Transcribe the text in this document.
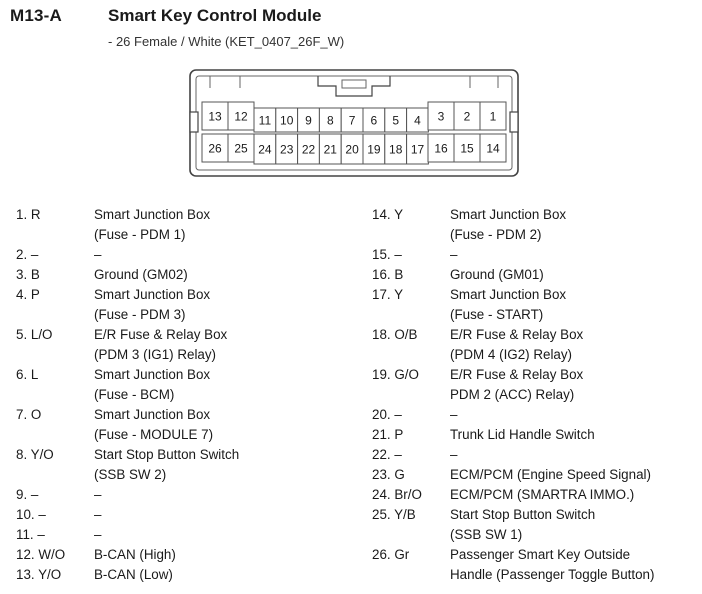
M13-A	Smart Key Control Module
- 26 Female / White (KET_0407_26F_W)
13 12 11 10 9 8 7 6 5 4 3 2 1
26 25 24 23 22 21 20 19 18 17 16 15 14
1. R	Smart Junction Box
(Fuse - PDM 1)
2. –	–
3. B	Ground (GM02)
4. P	Smart Junction Box
(Fuse - PDM 3)
5. L/O	E/R Fuse & Relay Box
(PDM 3 (IG1) Relay)
6. L	Smart Junction Box
(Fuse - BCM)
7. O	Smart Junction Box
(Fuse - MODULE 7)
8. Y/O	Start Stop Button Switch
(SSB SW 2)
9. –	–
10. –	–
11. –	–
12. W/O	B-CAN (High)
13. Y/O	B-CAN (Low)
14. Y	Smart Junction Box
(Fuse - PDM 2)
15. –	–
16. B	Ground (GM01)
17. Y	Smart Junction Box
(Fuse - START)
18. O/B	E/R Fuse & Relay Box
(PDM 4 (IG2) Relay)
19. G/O	E/R Fuse & Relay Box
PDM 2 (ACC) Relay)
20. –	–
21. P	Trunk Lid Handle Switch
22. –	–
23. G	ECM/PCM (Engine Speed Signal)
24. Br/O	ECM/PCM (SMARTRA IMMO.)
25. Y/B	Start Stop Button Switch
(SSB SW 1)
26. Gr	Passenger Smart Key Outside
Handle (Passenger Toggle Button)
